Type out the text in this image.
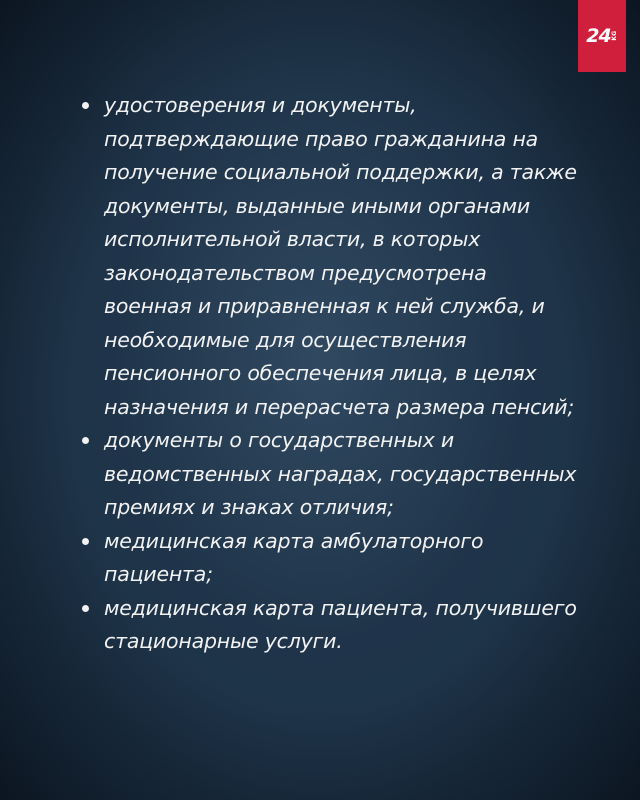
24 KG
удостоверения и документы, подтверждающие право гражданина на получение социальной поддержки, а также документы, выданные иными органами исполнительной власти, в которых законодательством предусмотрена военная и приравненная к ней служба, и необходимые для осуществления пенсионного обеспечения лица, в целях назначения и перерасчета размера пенсий;
документы о государственных и ведомственных наградах, государственных премиях и знаках отличия;
медицинская карта амбулаторного пациента;
медицинская карта пациента, получившего стационарные услуги.
